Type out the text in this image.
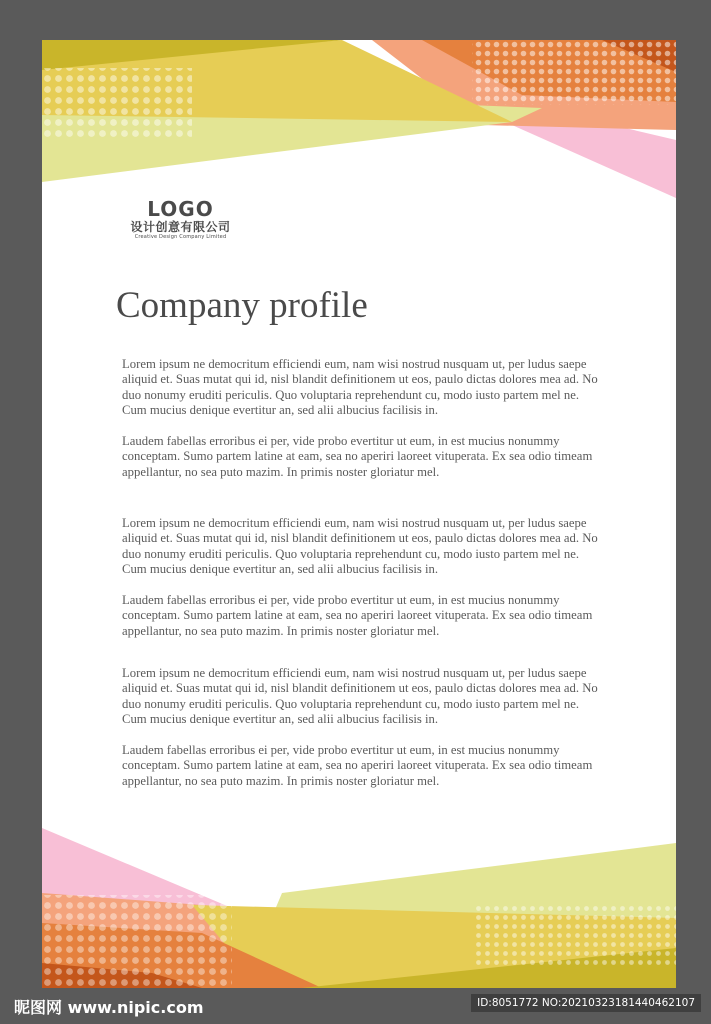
LOGO
设计创意有限公司
Creative Design Company Limited
Company profile

Lorem ipsum ne democritum efficiendi eum, nam wisi nostrud nusquam ut, per ludus saepe aliquid et. Suas mutat qui id, nisl blandit definitionem ut eos, paulo dictas dolores mea ad. No duo nonumy eruditi periculis. Quo voluptaria reprehendunt cu, modo iusto partem mel ne. Cum mucius denique evertitur an, sed alii albucius facilisis in.

Laudem fabellas erroribus ei per, vide probo evertitur ut eum, in est mucius nonummy conceptam. Sumo partem latine at eam, sea no aperiri laoreet vituperata. Ex sea odio timeam appellantur, no sea puto mazim. In primis noster gloriatur mel.

Lorem ipsum ne democritum efficiendi eum, nam wisi nostrud nusquam ut, per ludus saepe aliquid et. Suas mutat qui id, nisl blandit definitionem ut eos, paulo dictas dolores mea ad. No duo nonumy eruditi periculis. Quo voluptaria reprehendunt cu, modo iusto partem mel ne. Cum mucius denique evertitur an, sed alii albucius facilisis in.

Laudem fabellas erroribus ei per, vide probo evertitur ut eum, in est mucius nonummy conceptam. Sumo partem latine at eam, sea no aperiri laoreet vituperata. Ex sea odio timeam appellantur, no sea puto mazim. In primis noster gloriatur mel.

Lorem ipsum ne democritum efficiendi eum, nam wisi nostrud nusquam ut, per ludus saepe aliquid et. Suas mutat qui id, nisl blandit definitionem ut eos, paulo dictas dolores mea ad. No duo nonumy eruditi periculis. Quo voluptaria reprehendunt cu, modo iusto partem mel ne. Cum mucius denique evertitur an, sed alii albucius facilisis in.

Laudem fabellas erroribus ei per, vide probo evertitur ut eum, in est mucius nonummy conceptam. Sumo partem latine at eam, sea no aperiri laoreet vituperata. Ex sea odio timeam appellantur, no sea puto mazim. In primis noster gloriatur mel.

昵图网 www.nipic.com	ID:8051772 NO:20210323181440462107
